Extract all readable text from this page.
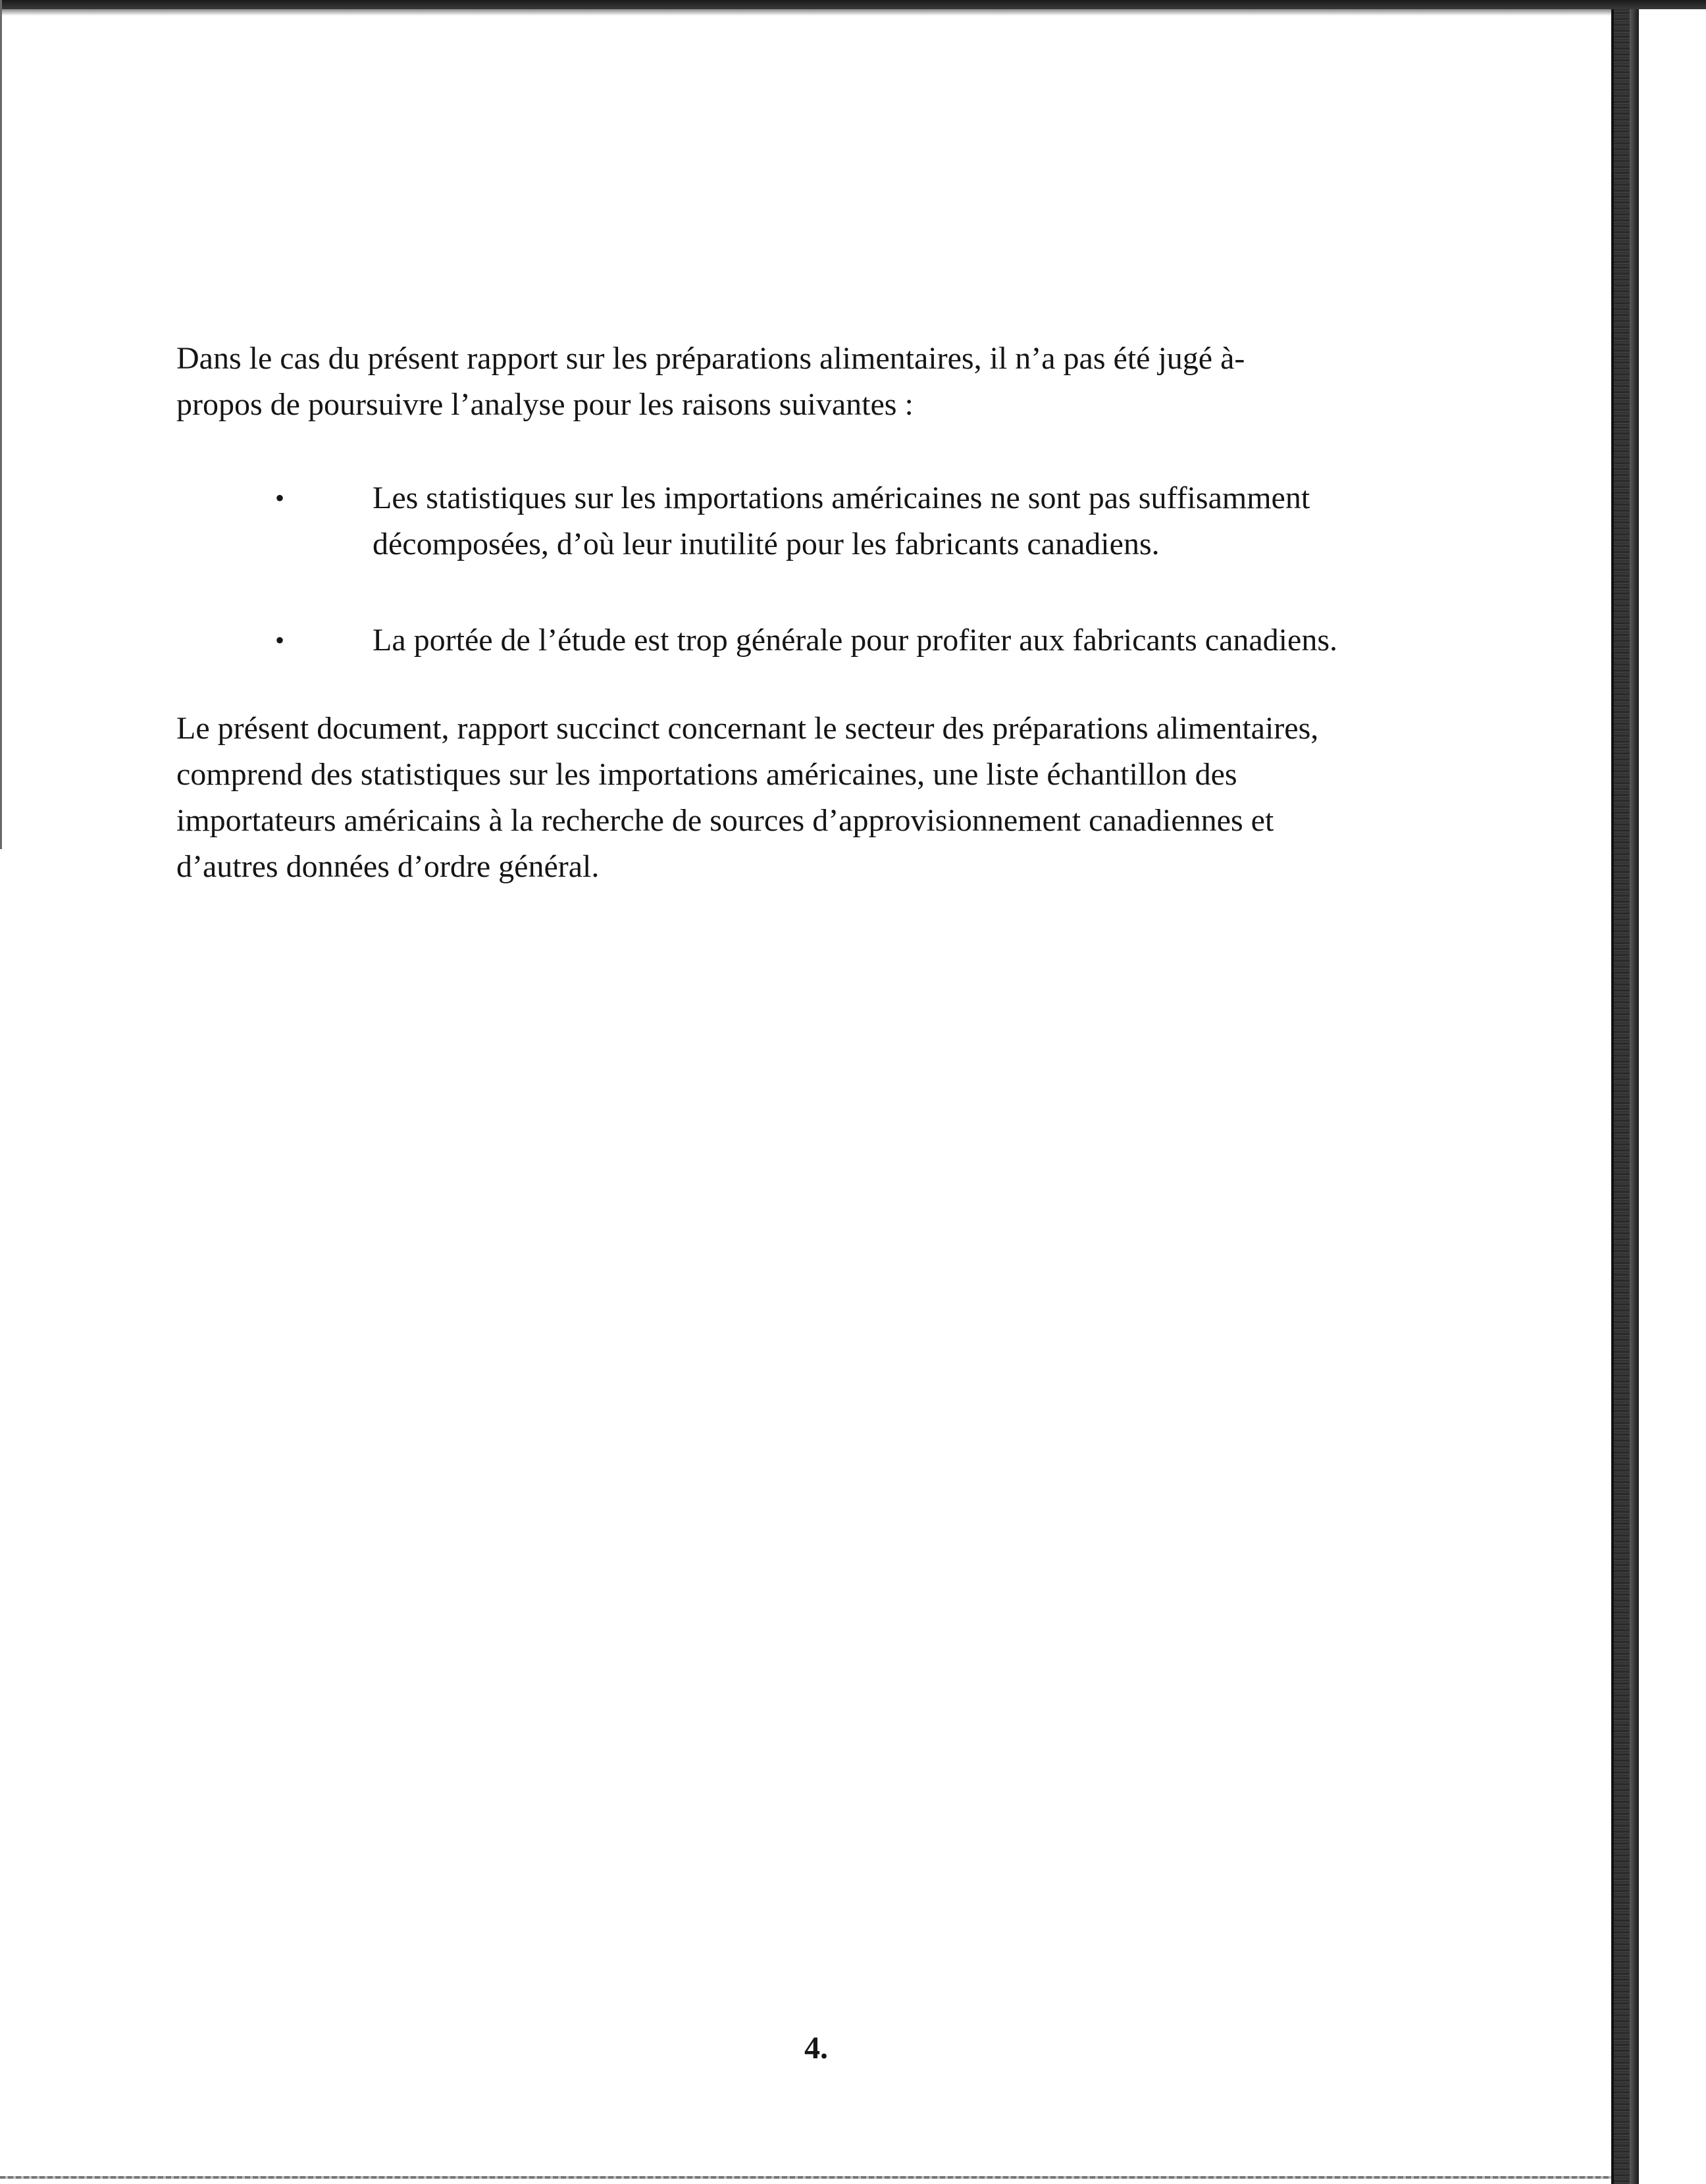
Dans le cas du présent rapport sur les préparations alimentaires, il n’a pas été jugé à-
propos de poursuivre l’analyse pour les raisons suivantes :
•	Les statistiques sur les importations américaines ne sont pas suffisamment
décomposées, d’où leur inutilité pour les fabricants canadiens.
•	La portée de l’étude est trop générale pour profiter aux fabricants canadiens.
Le présent document, rapport succinct concernant le secteur des préparations alimentaires,
comprend des statistiques sur les importations américaines, une liste échantillon des
importateurs américains à la recherche de sources d’approvisionnement canadiennes et
d’autres données d’ordre général.
4.
